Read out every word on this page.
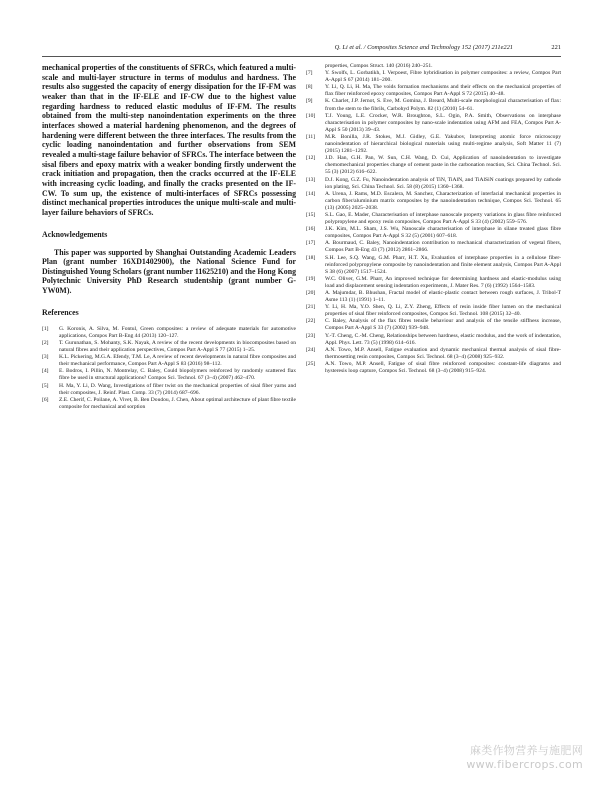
Q. Li et al. / Composites Science and Technology 152 (2017) 211e221	221

mechanical properties of the constituents of SFRCs, which featured a multi-scale and multi-layer structure in terms of modulus and hardness. The results also suggested the capacity of energy dissipation for the IF-FM was weaker than that in the IF-ELE and IF-CW due to the highest value regarding hardness to reduced elastic modulus of IF-FM. The results obtained from the multi-step nanoindentation experiments on the three interfaces showed a material hardening phenomenon, and the degrees of hardening were different between the three interfaces. The results from the cyclic loading nanoindentation and further observations from SEM revealed a multi-stage failure behavior of SFRCs. The interface between the sisal fibers and epoxy matrix with a weaker bonding firstly underwent the crack initiation and propagation, then the cracks occurred at the IF-ELE with increasing cyclic loading, and finally the cracks presented on the IF-CW. To sum up, the existence of multi-interfaces of SFRCs possessing distinct mechanical properties introduces the unique multi-scale and multi-layer failure behaviors of SFRCs.

Acknowledgements

This paper was supported by Shanghai Outstanding Academic Leaders Plan (grant number 16XD1402900), the National Science Fund for Distinguished Young Scholars (grant number 11625210) and the Hong Kong Polytechnic University PhD Research studentship (grant number G-YW0M).

References

[1] G. Koronis, A. Silva, M. Fontul, Green composites: a review of adequate materials for automotive applications, Compos Part B-Eng 44 (2013) 120–127.

[2] T. Gurunathan, S. Mohanty, S.K. Nayak, A review of the recent developments in biocomposites based on natural fibres and their application perspectives, Compos Part A-Appl S 77 (2015) 1–25.

[3] K.L. Pickering, M.G.A. Efendy, T.M. Le, A review of recent developments in natural fibre composites and their mechanical performance, Compos Part A-Appl S 83 (2016) 98–112.

[4] E. Bodros, I. Pillin, N. Montrelay, C. Baley, Could biopolymers reinforced by randomly scattered flax fibre be used in structural applications? Compos Sci. Technol. 67 (3–4) (2007) 462–470.

[5] H. Ma, Y. Li, D. Wang, Investigations of fiber twist on the mechanical properties of sisal fiber yarns and their composites, J. Reinf. Plast. Comp. 33 (7) (2014) 687–696.

[6] Z.E. Cherif, C. Poilane, A. Vivet, B. Ben Doudou, J. Chen, About optimal architecture of plant fibre textile composite for mechanical and sorption

properties, Compos Struct. 140 (2016) 240–251.

[7] Y. Swolfs, L. Gorbatikh, I. Verpoest, Fibre hybridisation in polymer composites: a review, Compos Part A-Appl S 67 (2014) 181–200.

[8] Y. Li, Q. Li, H. Ma, The voids formation mechanisms and their effects on the mechanical properties of flax fiber reinforced epoxy composites, Compos Part A-Appl S 72 (2015) 40–48.

[9] K. Charlet, J.P. Jernot, S. Eve, M. Gomina, J. Breard, Multi-scale morphological characterisation of flax: from the stem to the fibrils, Carbohyd Polym. 82 (1) (2010) 54–61.

[10] T.J. Young, L.E. Crocker, W.R. Broughton, S.L. Ogin, P.A. Smith, Observations on interphase characterisation in polymer composites by nano-scale indentation using AFM and FEA, Compos Part A-Appl S 50 (2013) 39–43.

[11] M.R. Bonilla, J.R. Stokes, M.J. Gidley, G.E. Yakubov, Interpreting atomic force microscopy nanoindentation of hierarchical biological materials using multi-regime analysis, Soft Matter 11 (7) (2015) 1281–1292.

[12] J.D. Han, G.H. Pan, W. Sun, C.H. Wang, D. Cui, Application of nanoindentation to investigate chemomechanical properties change of cement paste in the carbonation reaction, Sci. China Technol. Sci. 55 (3) (2012) 616–622.

[13] D.J. Kong, G.Z. Fu, Nanoindentation analysis of TiN, TiAlN, and TiAlSiN coatings prepared by cathode ion plating, Sci. China Technol. Sci. 58 (8) (2015) 1360–1368.

[14] A. Urena, J. Rams, M.D. Escalera, M. Sanchez, Characterization of interfacial mechanical properties in carbon fiber/aluminium matrix composites by the nanoindentation technique, Compos Sci. Technol. 65 (13) (2005) 2025–2038.

[15] S.L. Gao, E. Mader, Characterisation of interphase nanoscale property variations in glass fibre reinforced polypropylene and epoxy resin composites, Compos Part A-Appl S 33 (4) (2002) 559–576.

[16] J.K. Kim, M.L. Sham, J.S. Wu, Nanoscale characterisation of interphase in silane treated glass fibre composites, Compos Part A-Appl S 32 (5) (2001) 607–618.

[17] A. Bourmaud, C. Baley, Nanoindentation contribution to mechanical characterization of vegetal fibers, Compos Part B-Eng 43 (7) (2012) 2861–2866.

[18] S.H. Lee, S.Q. Wang, G.M. Pharr, H.T. Xu, Evaluation of interphase properties in a cellulose fiber-reinforced polypropylene composite by nanoindentation and finite element analysis, Compos Part A-Appl S 38 (6) (2007) 1517–1524.

[19] W.C. Oliver, G.M. Pharr, An improved technique for determining hardness and elastic-modulus using load and displacement sensing indentation experiments, J. Mater Res. 7 (6) (1992) 1564–1583.

[20] A. Majumdar, B. Bhushan, Fractal model of elastic-plastic contact between rough surfaces, J. Tribol-T Asme 113 (1) (1991) 1–11.

[21] Y. Li, H. Ma, Y.O. Shen, Q. Li, Z.Y. Zheng, Effects of resin inside fiber lumen on the mechanical properties of sisal fiber reinforced composites, Compos Sci. Technol. 108 (2015) 32–40.

[22] C. Baley, Analysis of the flax fibres tensile behaviour and analysis of the tensile stiffness increase, Compos Part A-Appl S 33 (7) (2002) 939–948.

[23] Y.-T. Cheng, C.-M. Cheng, Relationships between hardness, elastic modulus, and the work of indentation, Appl. Phys. Lett. 73 (5) (1998) 614–616.

[24] A.N. Towo, M.P. Ansell, Fatigue evaluation and dynamic mechanical thermal analysis of sisal fibre-thermosetting resin composites, Compos Sci. Technol. 68 (3–4) (2008) 925–932.

[25] A.N. Towo, M.P. Ansell, Fatigue of sisal fibre reinforced composites: constant-life diagrams and hysteresis loop capture, Compos Sci. Technol. 68 (3–4) (2008) 915–924.

麻类作物营养与施肥网
www.fibercrops.com
